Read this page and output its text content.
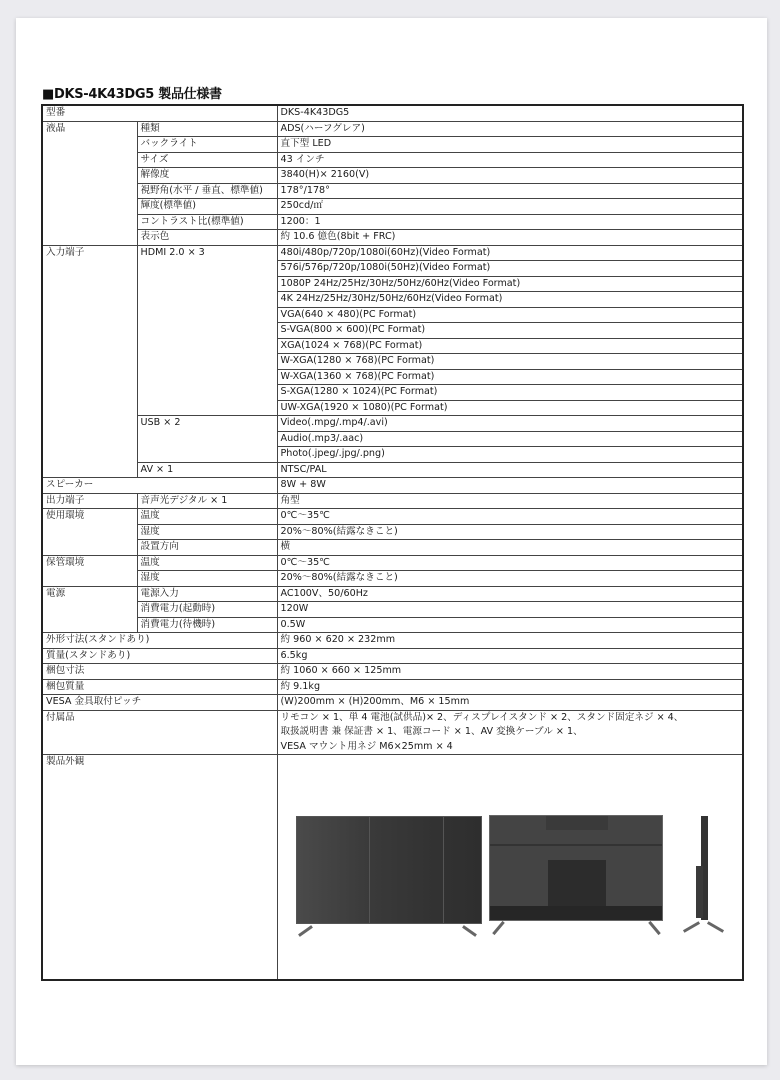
■DKS-4K43DG5 製品仕様書
型番		DKS-4K43DG5
液晶	種類	ADS(ハーフグレア)
	バックライト	直下型 LED
	サイズ	43 インチ
	解像度	3840(H)× 2160(V)
	視野角(水平 / 垂直、標準値)	178°/178°
	輝度(標準値)	250cd/㎡
	コントラスト比(標準値)	1200：1
	表示色	約 10.6 億色(8bit + FRC)
入力端子	HDMI 2.0 × 3	480i/480p/720p/1080i(60Hz)(Video Format)
		576i/576p/720p/1080i(50Hz)(Video Format)
		1080P 24Hz/25Hz/30Hz/50Hz/60Hz(Video Format)
		4K 24Hz/25Hz/30Hz/50Hz/60Hz(Video Format)
		VGA(640 × 480)(PC Format)
		S-VGA(800 × 600)(PC Format)
		XGA(1024 × 768)(PC Format)
		W-XGA(1280 × 768)(PC Format)
		W-XGA(1360 × 768)(PC Format)
		S-XGA(1280 × 1024)(PC Format)
		UW-XGA(1920 × 1080)(PC Format)
	USB × 2	Video(.mpg/.mp4/.avi)
		Audio(.mp3/.aac)
		Photo(.jpeg/.jpg/.png)
	AV × 1	NTSC/PAL
スピーカー		8W + 8W
出力端子	音声光デジタル × 1	角型
使用環境	温度	0℃〜35℃
	湿度	20%〜80%(結露なきこと)
	設置方向	横
保管環境	温度	0℃〜35℃
	湿度	20%〜80%(結露なきこと)
電源	電源入力	AC100V、50/60Hz
	消費電力(起動時)	120W
	消費電力(待機時)	0.5W
外形寸法(スタンドあり)		約 960 × 620 × 232mm
質量(スタンドあり)		6.5kg
梱包寸法		約 1060 × 660 × 125mm
梱包質量		約 9.1kg
VESA 金具取付ピッチ		(W)200mm × (H)200mm、M6 × 15mm
付属品		リモコン × 1、単 4 電池(試供品)× 2、ディスプレイスタンド × 2、スタンド固定ネジ × 4、
取扱説明書 兼 保証書 × 1、電源コード × 1、AV 変換ケーブル × 1、
VESA マウント用ネジ M6×25mm × 4

製品外観		
